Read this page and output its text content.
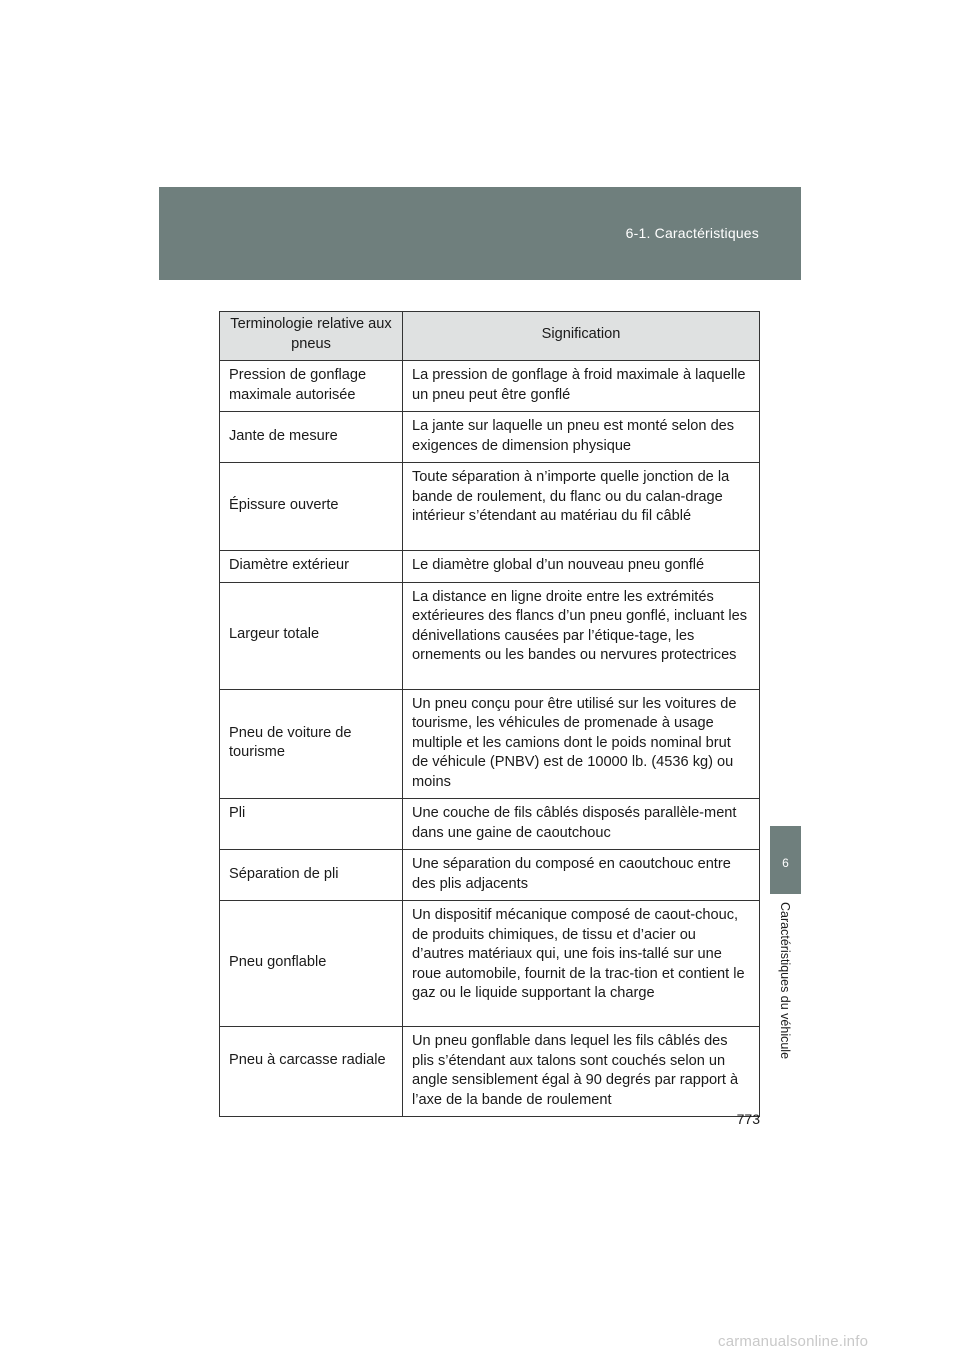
6-1. Caractéristiques
6
Caractéristiques du véhicule
Terminologie relative aux pneus	Signification
Pression de gonflage maximale autorisée	La pression de gonflage à froid maximale à laquelle un pneu peut être gonflé
Jante de mesure	La jante sur laquelle un pneu est monté selon des exigences de dimension physique
Épissure ouverte	Toute séparation à n’importe quelle jonction de la bande de roulement, du flanc ou du calan-drage intérieur s’étendant au matériau du fil câblé
Diamètre extérieur	Le diamètre global d’un nouveau pneu gonflé
Largeur totale	La distance en ligne droite entre les extrémités extérieures des flancs d’un pneu gonflé, incluant les dénivellations causées par l’étique-tage, les ornements ou les bandes ou nervures protectrices
Pneu de voiture de tourisme	Un pneu conçu pour être utilisé sur les voitures de tourisme, les véhicules de promenade à usage multiple et les camions dont le poids nominal brut de véhicule (PNBV) est de 10000 lb. (4536 kg) ou moins
Pli	Une couche de fils câblés disposés parallèle-ment dans une gaine de caoutchouc
Séparation de pli	Une séparation du composé en caoutchouc entre des plis adjacents
Pneu gonflable	Un dispositif mécanique composé de caout-chouc, de produits chimiques, de tissu et d’acier ou d’autres matériaux qui, une fois ins-tallé sur une roue automobile, fournit de la trac-tion et contient le gaz ou le liquide supportant la charge
Pneu à carcasse radiale	Un pneu gonflable dans lequel les fils câblés des plis s’étendant aux talons sont couchés selon un angle sensiblement égal à 90 degrés par rapport à l’axe de la bande de roulement
773
carmanualsonline.info
